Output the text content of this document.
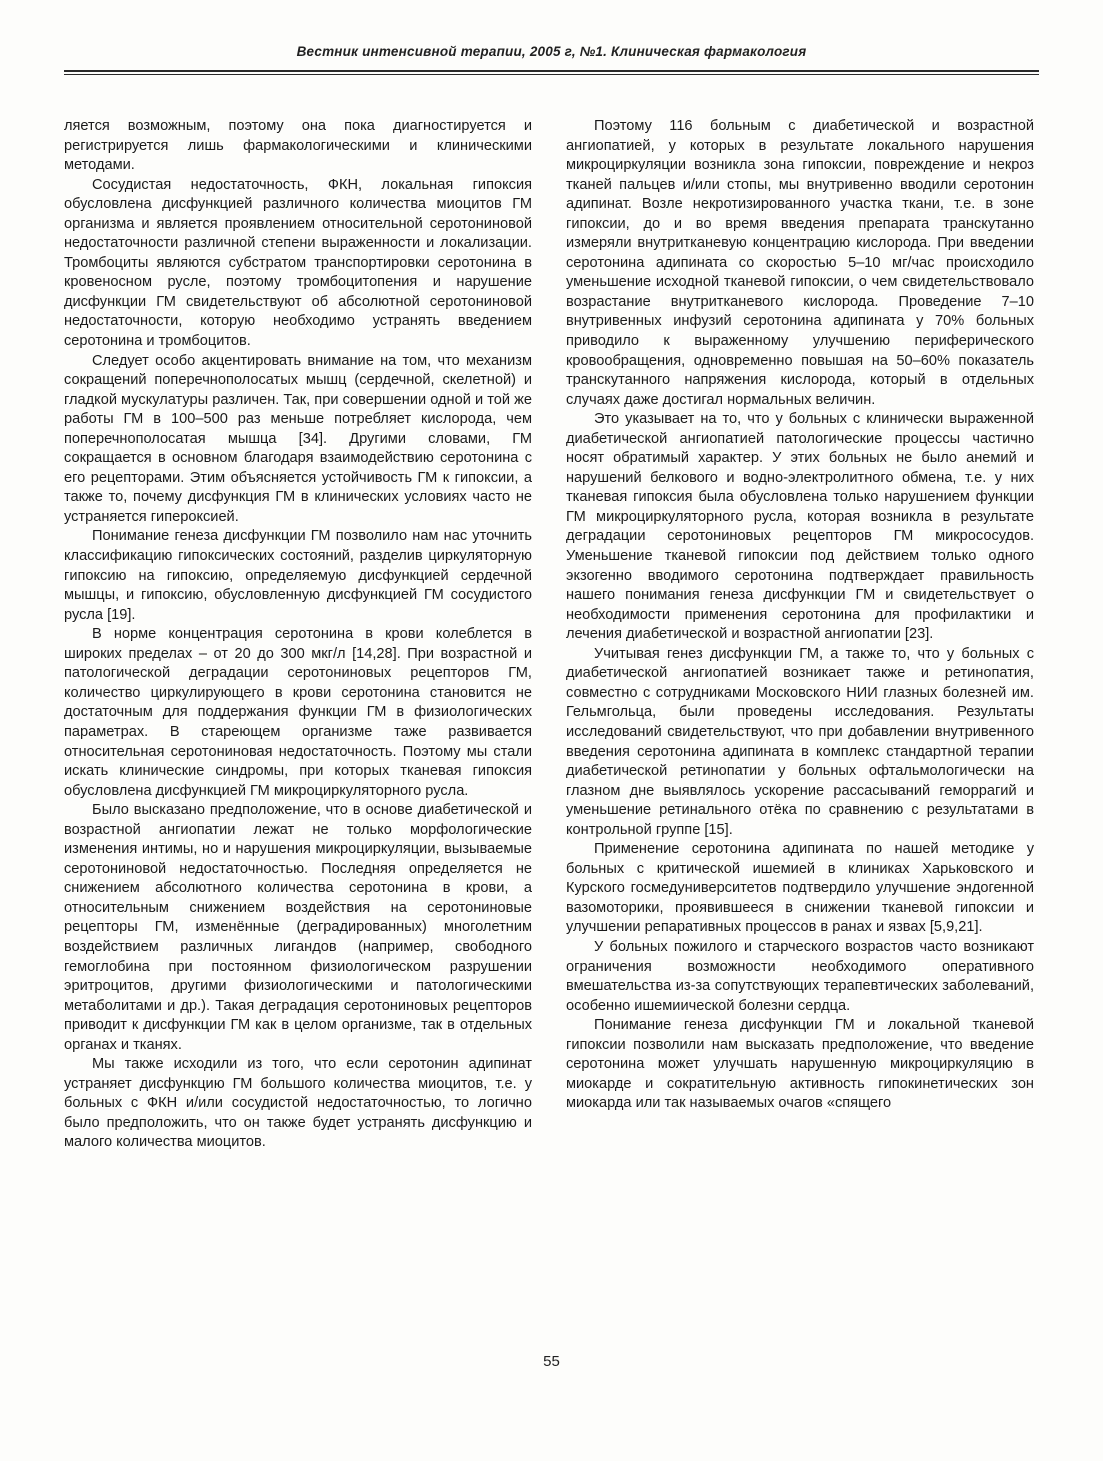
Вестник интенсивной терапии, 2005 г, №1. Клиническая фармакология

ляется возможным, поэтому она пока диагностируется и регистрируется лишь фармакологическими и клиническими методами.

Сосудистая недостаточность, ФКН, локальная гипоксия обусловлена дисфункцией различного количества миоцитов ГМ организма и является проявлением относительной серотониновой недостаточности различной степени выраженности и локализации. Тромбоциты являются субстратом транспортировки серотонина в кровеносном русле, поэтому тромбоцитопения и нарушение дисфункции ГМ свидетельствуют об абсолютной серотониновой недостаточности, которую необходимо устранять введением серотонина и тромбоцитов.

Следует особо акцентировать внимание на том, что механизм сокращений поперечнополосатых мышц (сердечной, скелетной) и гладкой мускулатуры различен. Так, при совершении одной и той же работы ГМ в 100–500 раз меньше потребляет кислорода, чем поперечнополосатая мышца [34]. Другими словами, ГМ сокращается в основном благодаря взаимодействию серотонина с его рецепторами. Этим объясняется устойчивость ГМ к гипоксии, а также то, почему дисфункция ГМ в клинических условиях часто не устраняется гипероксией.

Понимание генеза дисфункции ГМ позволило нам нас уточнить классификацию гипоксических состояний, разделив циркуляторную гипоксию на гипоксию, определяемую дисфункцией сердечной мышцы, и гипоксию, обусловленную дисфункцией ГМ сосудистого русла [19].

В норме концентрация серотонина в крови колеблется в широких пределах – от 20 до 300 мкг/л [14,28]. При возрастной и патологической деградации серотониновых рецепторов ГМ, количество циркулирующего в крови серотонина становится не достаточным для поддержания функции ГМ в физиологических параметрах. В стареющем организме таже развивается относительная серотониновая недостаточность. Поэтому мы стали искать клинические синдромы, при которых тканевая гипоксия обусловлена дисфункцией ГМ микроциркуляторного русла.

Было высказано предположение, что в основе диабетической и возрастной ангиопатии лежат не только морфологические изменения интимы, но и нарушения микроциркуляции, вызываемые серотониновой недостаточностью. Последняя определяется не снижением абсолютного количества серотонина в крови, а относительным снижением воздействия на серотониновые рецепторы ГМ, изменённые (деградированных) многолетним воздействием различных лигандов (например, свободного гемоглобина при постоянном физиологическом разрушении эритроцитов, другими физиологическими и патологическими метаболитами и др.). Такая деградация серотониновых рецепторов приводит к дисфункции ГМ как в целом организме, так в отдельных органах и тканях.

Мы также исходили из того, что если серотонин адипинат устраняет дисфункцию ГМ большого количества миоцитов, т.е. у больных с ФКН и/или сосудистой недостаточностью, то логично было предположить, что он также будет устранять дисфункцию и малого количества миоцитов.

Поэтому 116 больным с диабетической и возрастной ангиопатией, у которых в результате локального нарушения микроциркуляции возникла зона гипоксии, повреждение и некроз тканей пальцев и/или стопы, мы внутривенно вводили серотонин адипинат. Возле некротизированного участка ткани, т.е. в зоне гипоксии, до и во время введения препарата транскутанно измеряли внутритканевую концентрацию кислорода. При введении серотонина адипината со скоростью 5–10 мг/час происходило уменьшение исходной тканевой гипоксии, о чем свидетельствовало возрастание внутритканевого кислорода. Проведение 7–10 внутривенных инфузий серотонина адипината у 70% больных приводило к выраженному улучшению периферического кровообращения, одновременно повышая на 50–60% показатель транскутанного напряжения кислорода, который в отдельных случаях даже достигал нормальных величин.

Это указывает на то, что у больных с клинически выраженной диабетической ангиопатией патологические процессы частично носят обратимый характер. У этих больных не было анемий и нарушений белкового и водно-электролитного обмена, т.е. у них тканевая гипоксия была обусловлена только нарушением функции ГМ микроциркуляторного русла, которая возникла в результате деградации серотониновых рецепторов ГМ микрососудов. Уменьшение тканевой гипоксии под действием только одного экзогенно вводимого серотонина подтверждает правильность нашего понимания генеза дисфункции ГМ и свидетельствует о необходимости применения серотонина для профилактики и лечения диабетической и возрастной ангиопатии [23].

Учитывая генез дисфункции ГМ, а также то, что у больных с диабетической ангиопатией возникает также и ретинопатия, совместно с сотрудниками Московского НИИ глазных болезней им. Гельмгольца, были проведены исследования. Результаты исследований свидетельствуют, что при добавлении внутривенного введения серотонина адипината в комплекс стандартной терапии диабетической ретинопатии у больных офтальмологически на глазном дне выявлялось ускорение рассасываний геморрагий и уменьшение ретинального отёка по сравнению с результатами в контрольной группе [15].

Применение серотонина адипината по нашей методике у больных с критической ишемией в клиниках Харьковского и Курского госмедуниверситетов подтвердило улучшение эндогенной вазомоторики, проявившееся в снижении тканевой гипоксии и улучшении репаративных процессов в ранах и язвах [5,9,21].

У больных пожилого и старческого возрастов часто возникают ограничения возможности необходимого оперативного вмешательства из-за сопутствующих терапевтических заболеваний, особенно ишемиической болезни сердца.

Понимание генеза дисфункции ГМ и локальной тканевой гипоксии позволили нам высказать предположение, что введение серотонина может улучшать нарушенную микроциркуляцию в миокарде и сократительную активность гипокинетических зон миокарда или так называемых очагов «спящего

55
